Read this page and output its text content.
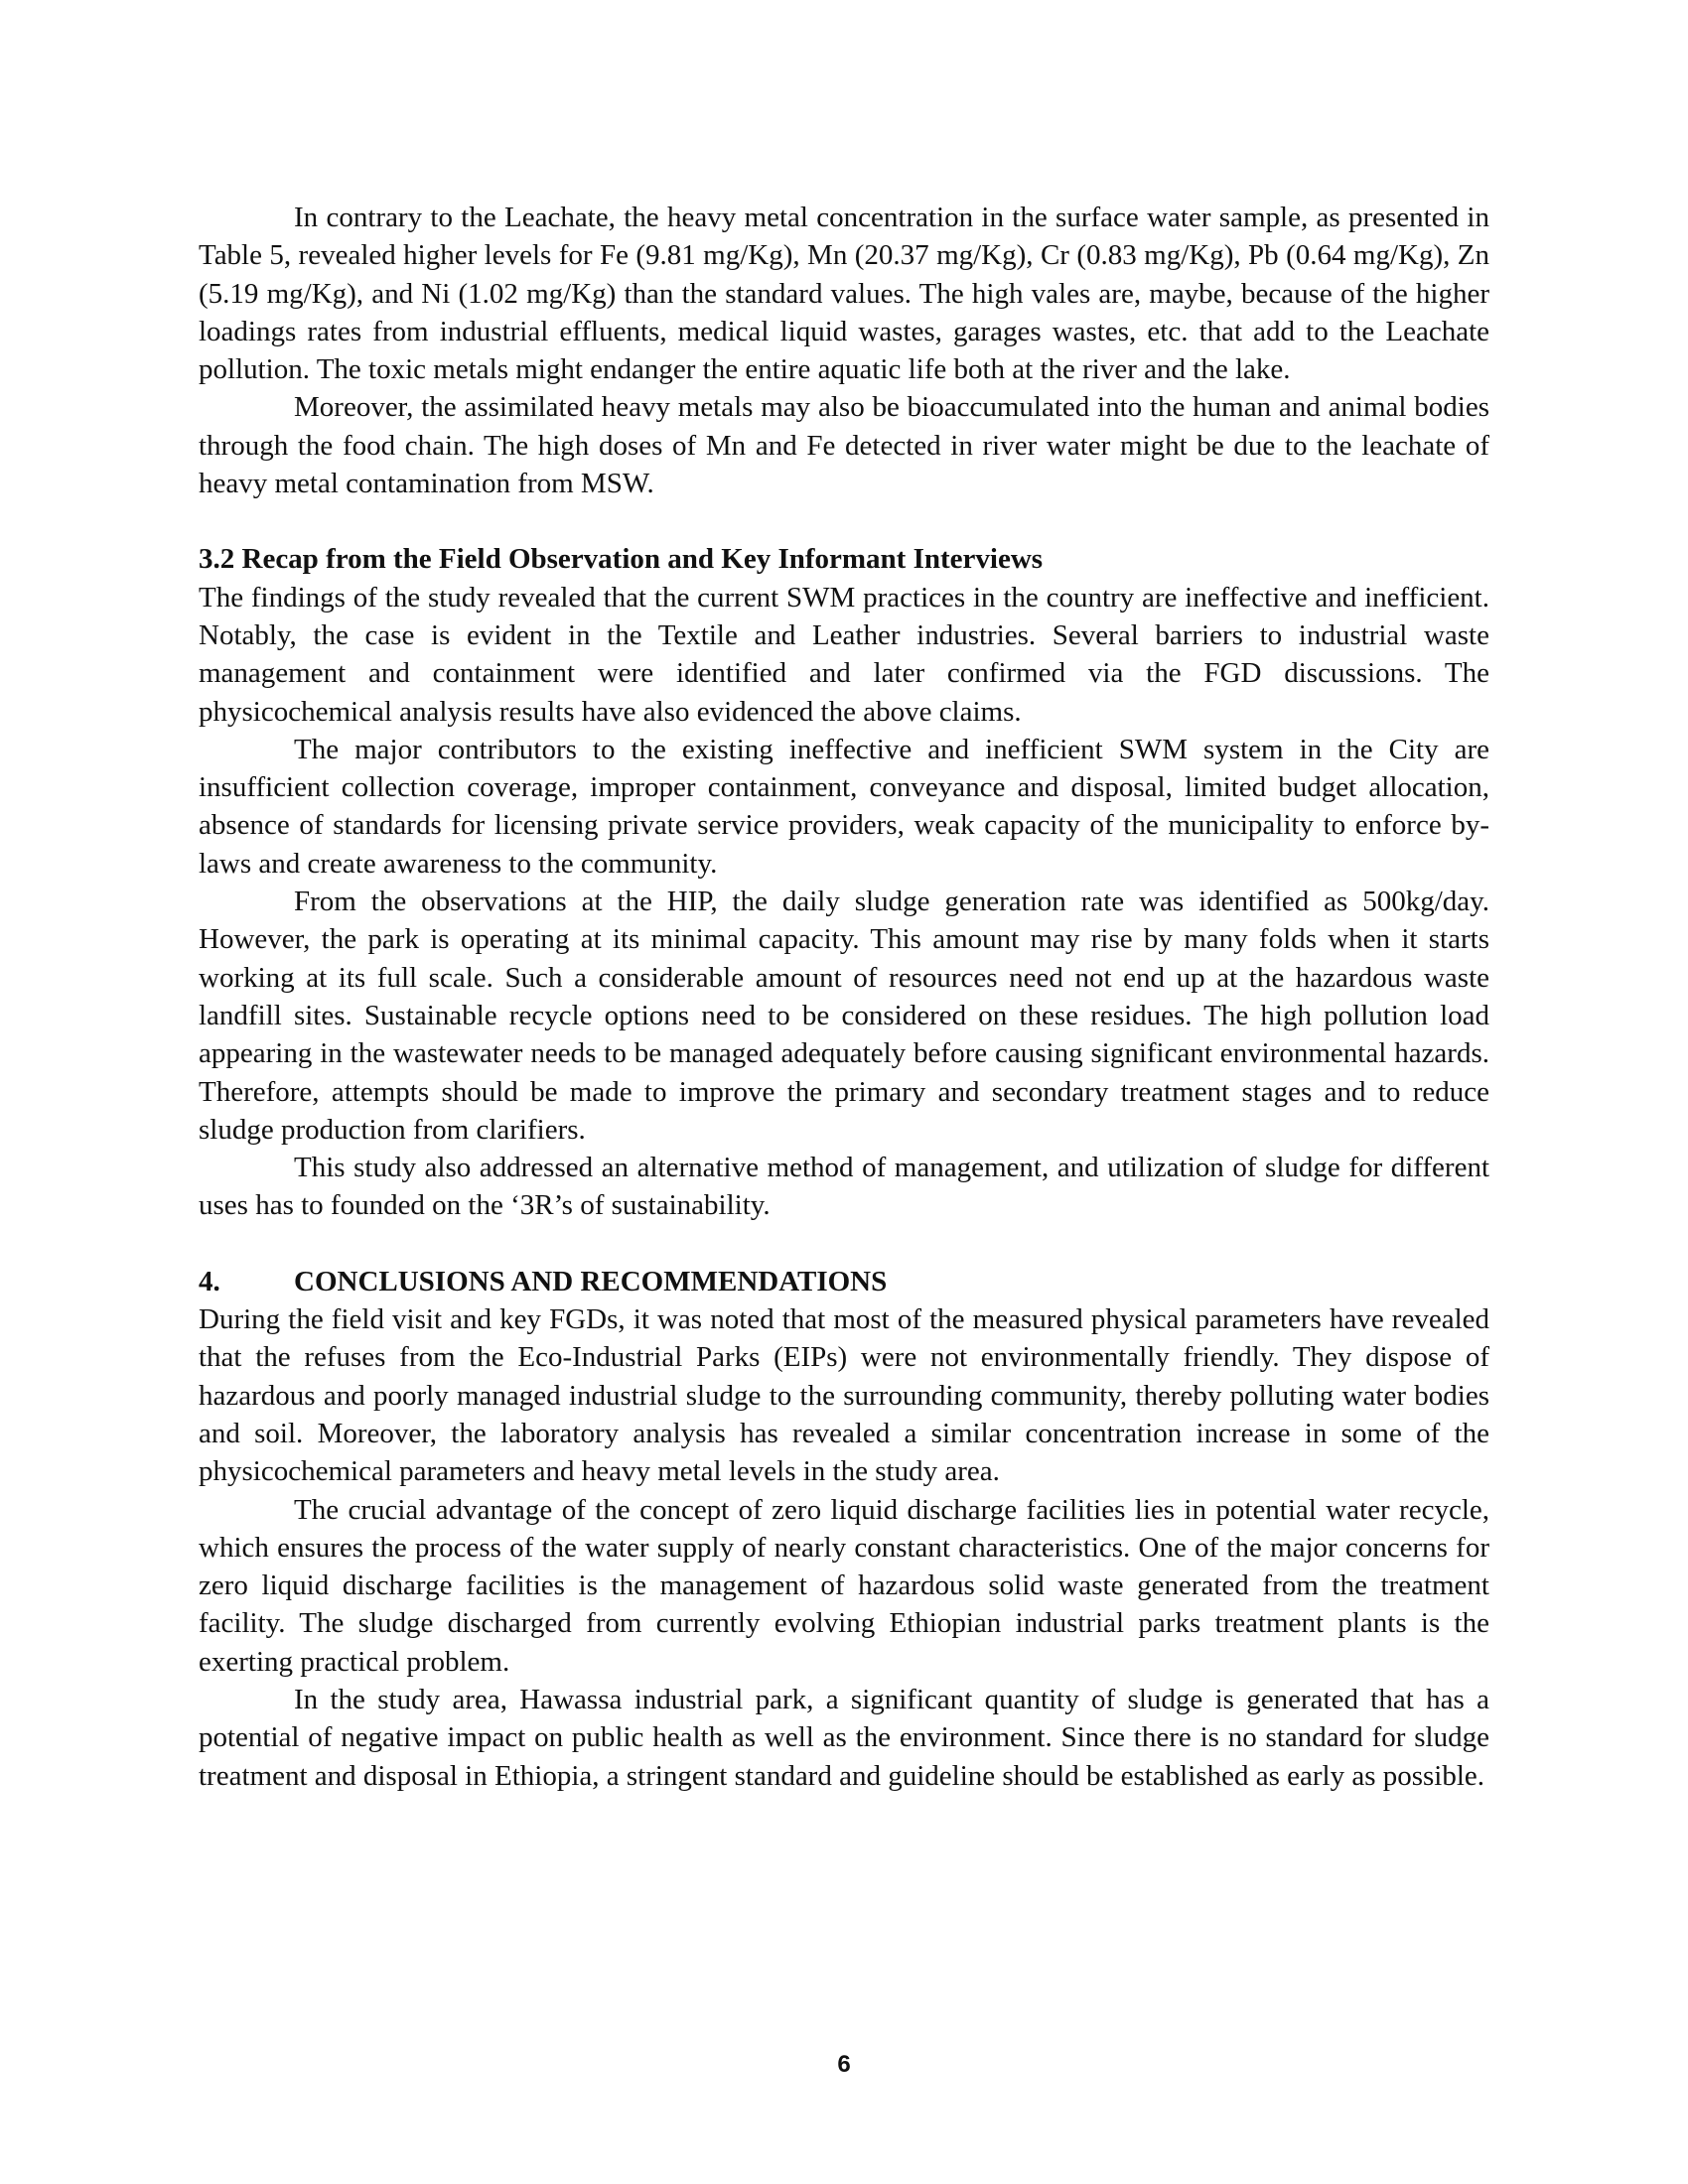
In contrary to the Leachate, the heavy metal concentration in the surface water sample, as presented in Table 5, revealed higher levels for Fe (9.81 mg/Kg), Mn (20.37 mg/Kg), Cr (0.83 mg/Kg), Pb (0.64 mg/Kg), Zn (5.19 mg/Kg), and Ni (1.02 mg/Kg) than the standard values. The high vales are, maybe, because of the higher loadings rates from industrial effluents, medical liquid wastes, garages wastes, etc. that add to the Leachate pollution. The toxic metals might endanger the entire aquatic life both at the river and the lake.

Moreover, the assimilated heavy metals may also be bioaccumulated into the human and animal bodies through the food chain. The high doses of Mn and Fe detected in river water might be due to the leachate of heavy metal contamination from MSW.

3.2 Recap from the Field Observation and Key Informant Interviews

The findings of the study revealed that the current SWM practices in the country are ineffective and inefficient. Notably, the case is evident in the Textile and Leather industries. Several barriers to industrial waste management and containment were identified and later confirmed via the FGD discussions. The physicochemical analysis results have also evidenced the above claims.

The major contributors to the existing ineffective and inefficient SWM system in the City are insufficient collection coverage, improper containment, conveyance and disposal, limited budget allocation, absence of standards for licensing private service providers, weak capacity of the municipality to enforce by-laws and create awareness to the community.

From the observations at the HIP, the daily sludge generation rate was identified as 500kg/day. However, the park is operating at its minimal capacity. This amount may rise by many folds when it starts working at its full scale. Such a considerable amount of resources need not end up at the hazardous waste landfill sites. Sustainable recycle options need to be considered on these residues. The high pollution load appearing in the wastewater needs to be managed adequately before causing significant environmental hazards. Therefore, attempts should be made to improve the primary and secondary treatment stages and to reduce sludge production from clarifiers.

This study also addressed an alternative method of management, and utilization of sludge for different uses has to founded on the ‘3R’s of sustainability.

4.	CONCLUSIONS AND RECOMMENDATIONS

During the field visit and key FGDs, it was noted that most of the measured physical parameters have revealed that the refuses from the Eco-Industrial Parks (EIPs) were not environmentally friendly. They dispose of hazardous and poorly managed industrial sludge to the surrounding community, thereby polluting water bodies and soil. Moreover, the laboratory analysis has revealed a similar concentration increase in some of the physicochemical parameters and heavy metal levels in the study area.

The crucial advantage of the concept of zero liquid discharge facilities lies in potential water recycle, which ensures the process of the water supply of nearly constant characteristics. One of the major concerns for zero liquid discharge facilities is the management of hazardous solid waste generated from the treatment facility. The sludge discharged from currently evolving Ethiopian industrial parks treatment plants is the exerting practical problem.

In the study area, Hawassa industrial park, a significant quantity of sludge is generated that has a potential of negative impact on public health as well as the environment. Since there is no standard for sludge treatment and disposal in Ethiopia, a stringent standard and guideline should be established as early as possible.

6
